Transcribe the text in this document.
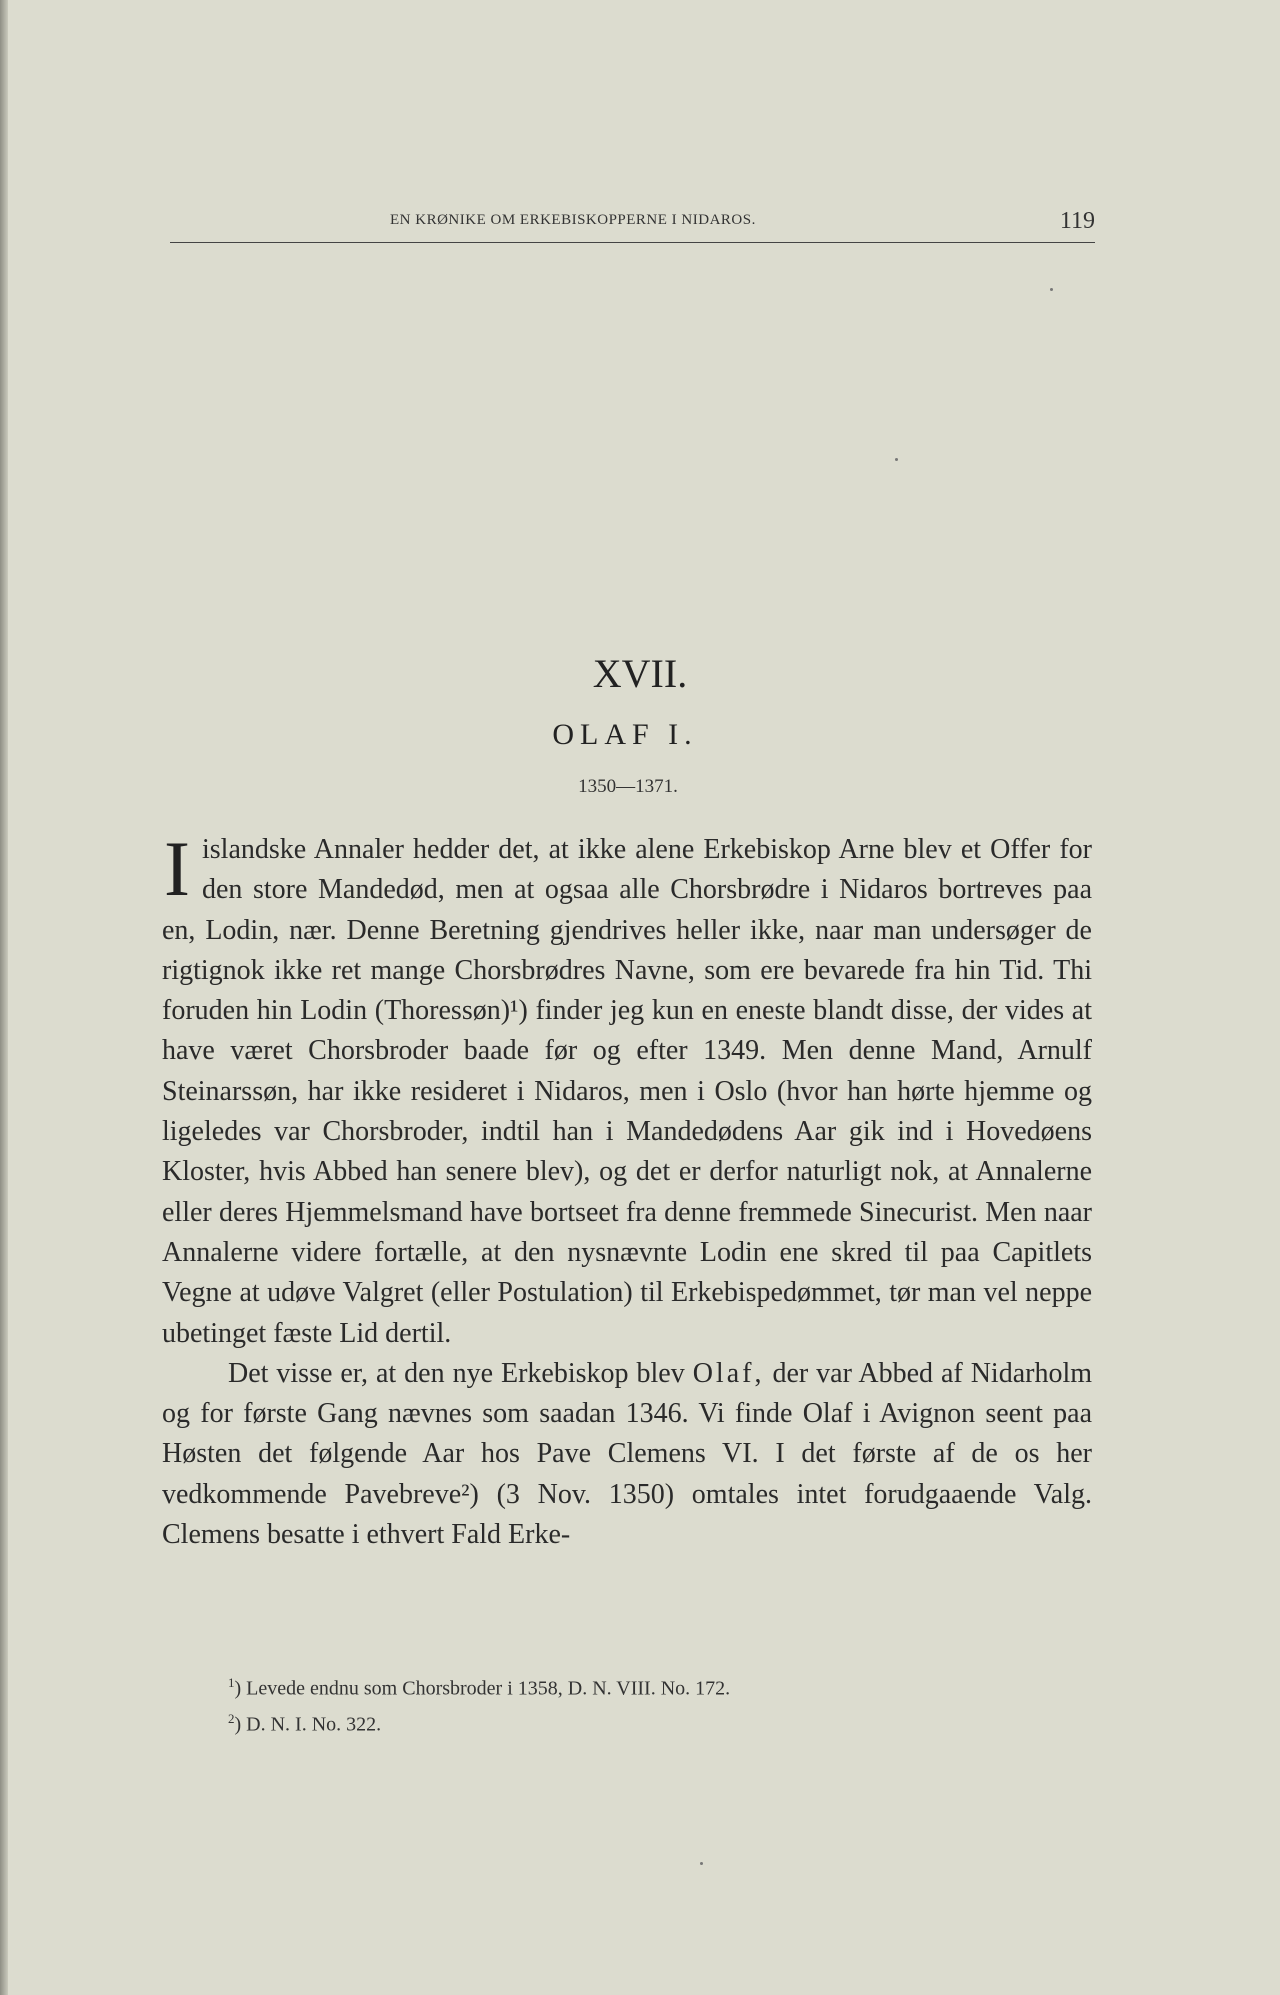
EN KRØNIKE OM ERKEBISKOPPERNE I NIDAROS.	119
XVII.
OLAF I.
1350—1371.

Iislandske Annaler hedder det, at ikke alene Erkebiskop Arne blev et Offer for den store Mandedød, men at ogsaa alle Chorsbrødre i Nidaros bortreves paa en, Lodin, nær. Denne Beretning gjendrives heller ikke, naar man undersøger de rigtignok ikke ret mange Chorsbrødres Navne, som ere bevarede fra hin Tid. Thi foruden hin Lodin (Thoressøn)¹) finder jeg kun en eneste blandt disse, der vides at have været Chorsbroder baade før og efter 1349. Men denne Mand, Arnulf Steinarssøn, har ikke resideret i Nidaros, men i Oslo (hvor han hørte hjemme og ligeledes var Chorsbroder, indtil han i Mandedødens Aar gik ind i Hovedøens Kloster, hvis Abbed han senere blev), og det er derfor naturligt nok, at Annalerne eller deres Hjemmelsmand have bortseet fra denne fremmede Sinecurist. Men naar Annalerne videre fortælle, at den nysnævnte Lodin ene skred til paa Capitlets Vegne at udøve Valgret (eller Postulation) til Erkebispedømmet, tør man vel neppe ubetinget fæste Lid dertil.

Det visse er, at den nye Erkebiskop blev Olaf, der var Abbed af Nidarholm og for første Gang nævnes som saadan 1346. Vi finde Olaf i Avignon seent paa Høsten det følgende Aar hos Pave Clemens VI. I det første af de os her vedkommende Pavebreve²) (3 Nov. 1350) omtales intet forudgaaende Valg. Clemens besatte i ethvert Fald Erke-

$^1$) Levede endnu som Chorsbroder i 1358, D. N. VIII. No. 172.
$^2$) D. N. I. No. 322.
